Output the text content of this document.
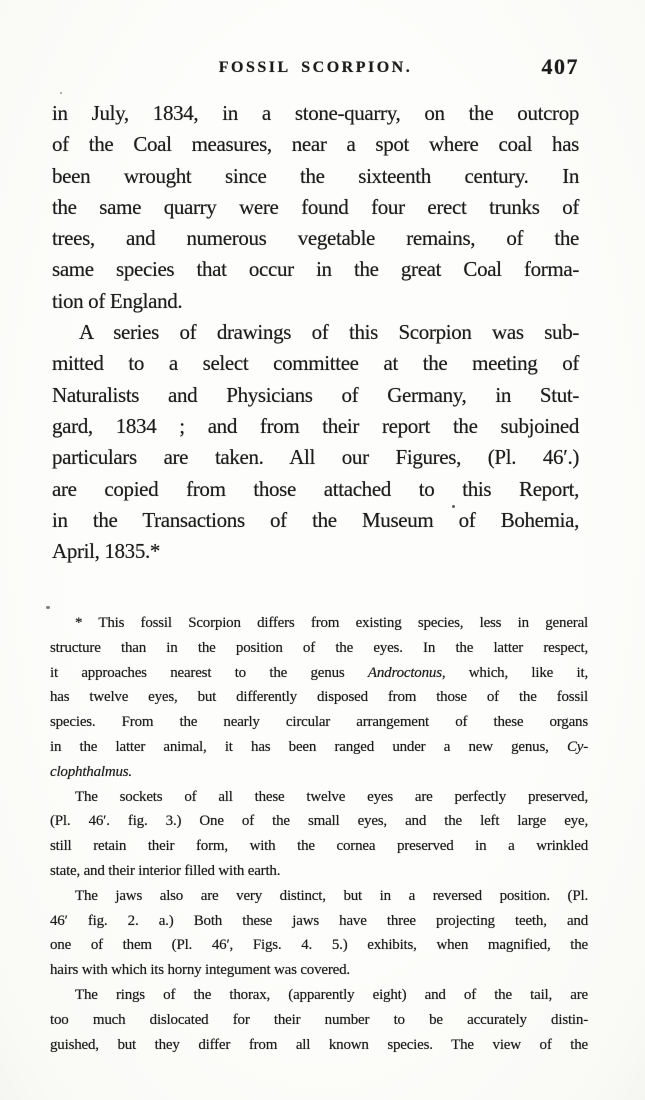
FOSSIL SCORPION.	407
in July, 1834, in a stone-quarry, on the outcrop
of the Coal measures, near a spot where coal has
been wrought since the sixteenth century. In
the same quarry were found four erect trunks of
trees, and numerous vegetable remains, of the
same species that occur in the great Coal forma-
tion of England.
A series of drawings of this Scorpion was sub-
mitted to a select committee at the meeting of
Naturalists and Physicians of Germany, in Stut-
gard, 1834 ; and from their report the subjoined
particulars are taken. All our Figures, (Pl. 46′.)
are copied from those attached to this Report,
in the Transactions of the Museum of Bohemia,
April, 1835.*
* This fossil Scorpion differs from existing species, less in general
structure than in the position of the eyes. In the latter respect,
it approaches nearest to the genus Androctonus, which, like it,
has twelve eyes, but differently disposed from those of the fossil
species. From the nearly circular arrangement of these organs
in the latter animal, it has been ranged under a new genus, Cy-
clophthalmus.
The sockets of all these twelve eyes are perfectly preserved,
(Pl. 46′. fig. 3.) One of the small eyes, and the left large eye,
still retain their form, with the cornea preserved in a wrinkled
state, and their interior filled with earth.
The jaws also are very distinct, but in a reversed position. (Pl.
46′ fig. 2. a.) Both these jaws have three projecting teeth, and
one of them (Pl. 46′, Figs. 4. 5.) exhibits, when magnified, the
hairs with which its horny integument was covered.
The rings of the thorax, (apparently eight) and of the tail, are
too much dislocated for their number to be accurately distin-
guished, but they differ from all known species. The view of the
